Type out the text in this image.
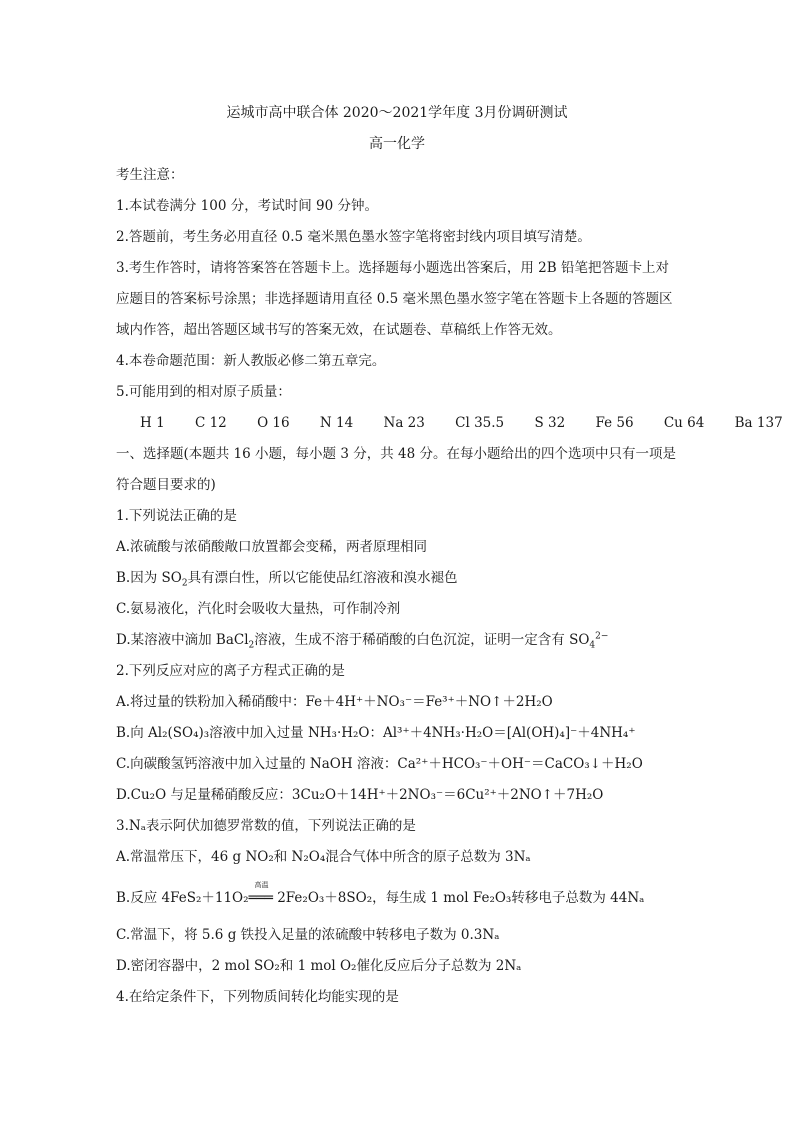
运城市高中联合体 2020～2021学年度 3月份调研测试
高一化学
考生注意：
1.本试卷满分 100 分，考试时间 90 分钟。
2.答题前，考生务必用直径 0.5 毫米黑色墨水签字笔将密封线内项目填写清楚。
3.考生作答时，请将答案答在答题卡上。选择题每小题选出答案后，用 2B 铅笔把答题卡上对
应题目的答案标号涂黑；非选择题请用直径 0.5 毫米黑色墨水签字笔在答题卡上各题的答题区
域内作答，超出答题区域书写的答案无效，在试题卷、草稿纸上作答无效。
4.本卷命题范围：新人教版必修二第五章完。
5.可能用到的相对原子质量：
H 1 C 12 O 16 N 14 Na 23 Cl 35.5 S 32 Fe 56 Cu 64 Ba 137
一、选择题(本题共 16 小题，每小题 3 分，共 48 分。在每小题给出的四个选项中只有一项是
符合题目要求的)
1.下列说法正确的是
A.浓硫酸与浓硝酸敞口放置都会变稀，两者原理相同
B.因为 $SO_2$具有漂白性，所以它能使品红溶液和溴水褪色
C.氨易液化，汽化时会吸收大量热，可作制冷剂
D.某溶液中滴加 BaCl$_2$溶液，生成不溶于稀硝酸的白色沉淀，证明一定含有 $SO_4^{2-}$
2.下列反应对应的离子方程式正确的是
A.将过量的铁粉加入稀硝酸中：Fe＋4H⁺＋NO₃⁻＝Fe³⁺＋NO↑＋2H₂O
B.向 Al₂(SO₄)₃溶液中加入过量 NH₃·H₂O：Al³⁺＋4NH₃·H₂O＝[Al(OH)₄]⁻＋4NH₄⁺
C.向碳酸氢钙溶液中加入过量的 NaOH 溶液：Ca²⁺＋HCO₃⁻＋OH⁻＝CaCO₃↓＋H₂O
D.Cu₂O 与足量稀硝酸反应：3Cu₂O＋14H⁺＋2NO₃⁻＝6Cu²⁺＋2NO↑＋7H₂O
3.Nₐ表示阿伏加德罗常数的值，下列说法正确的是
A.常温常压下，46 g NO₂和 N₂O₄混合气体中所含的原子总数为 3Nₐ
B.反应 4FeS₂＋11O₂
高温
═══ 2Fe₂O₃＋8SO₂，每生成 1 mol Fe₂O₃转移电子总数为 44Nₐ
C.常温下，将 5.6 g 铁投入足量的浓硫酸中转移电子数为 0.3Nₐ
D.密闭容器中，2 mol SO₂和 1 mol O₂催化反应后分子总数为 2Nₐ
4.在给定条件下，下列物质间转化均能实现的是
